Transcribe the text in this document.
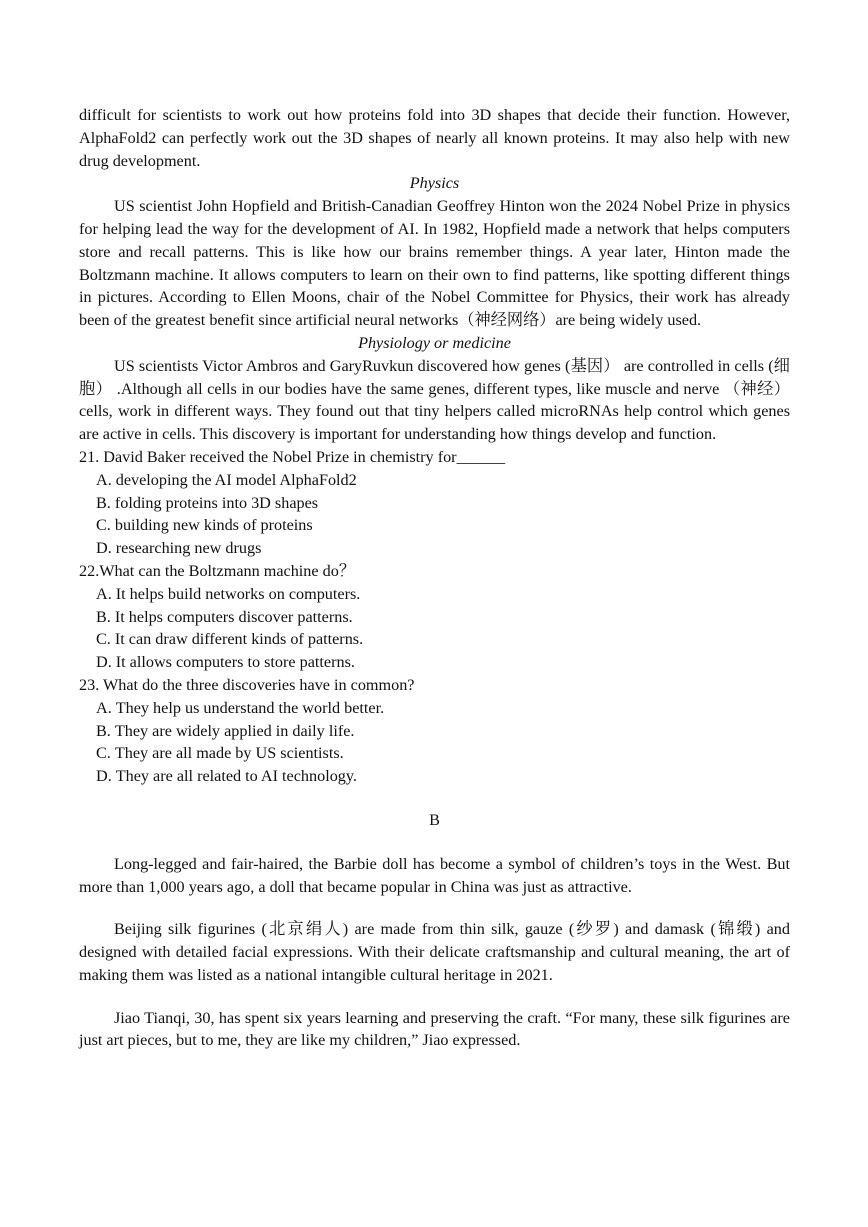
difficult for scientists to work out how proteins fold into 3D shapes that decide their function. However, AlphaFold2 can perfectly work out the 3D shapes of nearly all known proteins. It may also help with new drug development.

Physics

US scientist John Hopfield and British-Canadian Geoffrey Hinton won the 2024 Nobel Prize in physics for helping lead the way for the development of AI. In 1982, Hopfield made a network that helps computers store and recall patterns. This is like how our brains remember things. A year later, Hinton made the Boltzmann machine. It allows computers to learn on their own to find patterns, like spotting different things in pictures. According to Ellen Moons, chair of the Nobel Committee for Physics, their work has already been of the greatest benefit since artificial neural networks（神经网络）are being widely used.

Physiology or medicine

US scientists Victor Ambros and GaryRuvkun discovered how genes (基因） are controlled in cells (细胞） .Although all cells in our bodies have the same genes, different types, like muscle and nerve （神经）cells, work in different ways. They found out that tiny helpers called microRNAs help control which genes are active in cells. This discovery is important for understanding how things develop and function.

21. David Baker received the Nobel Prize in chemistry for______

A. developing the AI model AlphaFold2
B. folding proteins into 3D shapes
C. building new kinds of proteins
D. researching new drugs

22.What can the Boltzmann machine do？

A. It helps build networks on computers.
B. It helps computers discover patterns.
C. It can draw different kinds of patterns.
D. It allows computers to store patterns.

23. What do the three discoveries have in common?

A. They help us understand the world better.
B. They are widely applied in daily life.
C. They are all made by US scientists.
D. They are all related to AI technology.

B

Long-legged and fair-haired, the Barbie doll has become a symbol of children’s toys in the West. But more than 1,000 years ago, a doll that became popular in China was just as attractive.

Beijing silk figurines (北京绢人) are made from thin silk, gauze (纱罗) and damask (锦缎) and designed with detailed facial expressions. With their delicate craftsmanship and cultural meaning, the art of making them was listed as a national intangible cultural heritage in 2021.

Jiao Tianqi, 30, has spent six years learning and preserving the craft. “For many, these silk figurines are just art pieces, but to me, they are like my children,” Jiao expressed.
